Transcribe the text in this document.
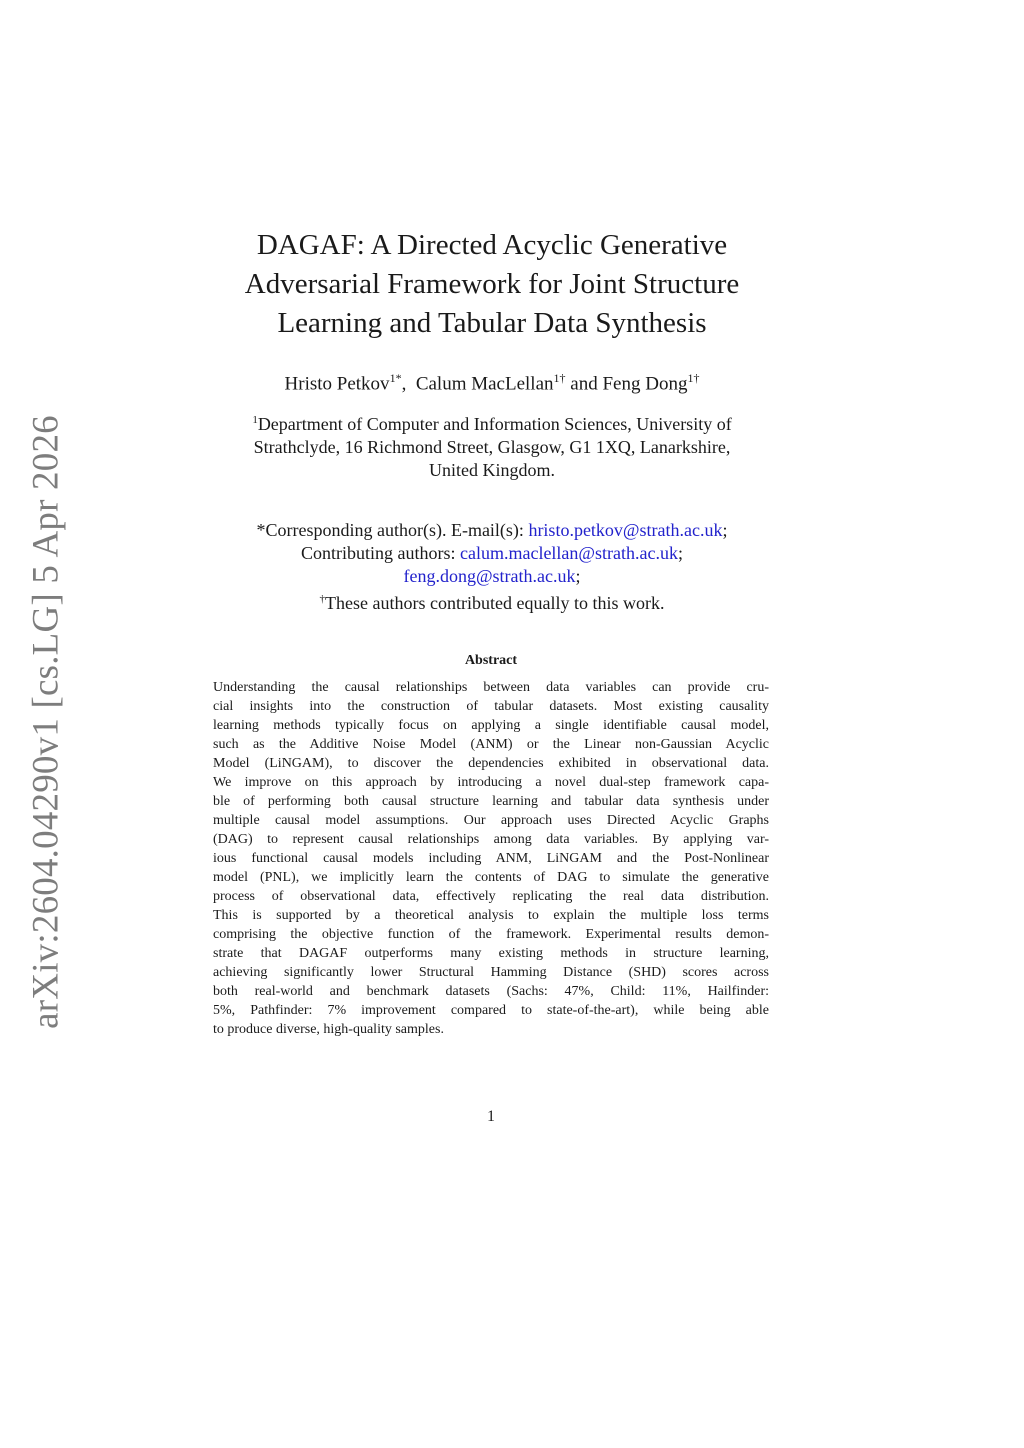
arXiv:2604.04290v1 [cs.LG] 5 Apr 2026
DAGAF: A Directed Acyclic Generative
Adversarial Framework for Joint Structure
Learning and Tabular Data Synthesis
Hristo Petkov$^{1*}$,  Calum MacLellan$^{1\dagger}$ and Feng Dong$^{1\dagger}$
$^1$Department of Computer and Information Sciences, University of
Strathclyde, 16 Richmond Street, Glasgow, G1 1XQ, Lanarkshire,
United Kingdom.
*Corresponding author(s). E-mail(s): hristo.petkov@strath.ac.uk;
Contributing authors: calum.maclellan@strath.ac.uk;
feng.dong@strath.ac.uk;
†These authors contributed equally to this work.
Abstract
Understanding the causal relationships between data variables can provide cru-
cial insights into the construction of tabular datasets. Most existing causality
learning methods typically focus on applying a single identifiable causal model,
such as the Additive Noise Model (ANM) or the Linear non-Gaussian Acyclic
Model (LiNGAM), to discover the dependencies exhibited in observational data.
We improve on this approach by introducing a novel dual-step framework capa-
ble of performing both causal structure learning and tabular data synthesis under
multiple causal model assumptions. Our approach uses Directed Acyclic Graphs
(DAG) to represent causal relationships among data variables. By applying var-
ious functional causal models including ANM, LiNGAM and the Post-Nonlinear
model (PNL), we implicitly learn the contents of DAG to simulate the generative
process of observational data, effectively replicating the real data distribution.
This is supported by a theoretical analysis to explain the multiple loss terms
comprising the objective function of the framework. Experimental results demon-
strate that DAGAF outperforms many existing methods in structure learning,
achieving significantly lower Structural Hamming Distance (SHD) scores across
both real-world and benchmark datasets (Sachs: 47%, Child: 11%, Hailfinder:
5%, Pathfinder: 7% improvement compared to state-of-the-art), while being able
to produce diverse, high-quality samples.
1
